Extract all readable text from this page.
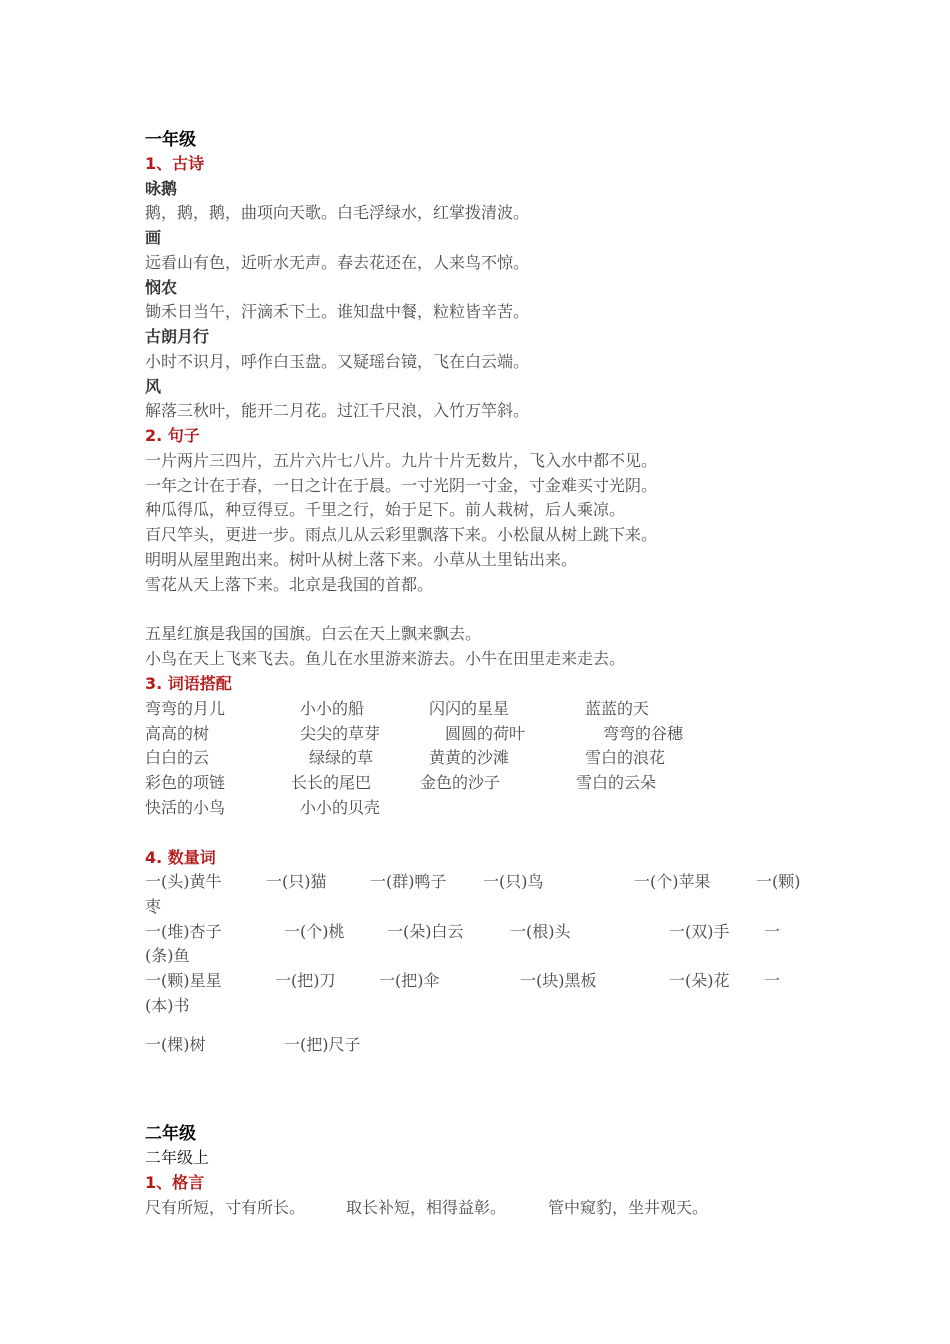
一年级

1、古诗

咏鹅

鹅，鹅，鹅，曲项向天歌。白毛浮绿水，红掌拨清波。

画

远看山有色，近听水无声。春去花还在，人来鸟不惊。

悯农

锄禾日当午，汗滴禾下土。谁知盘中餐，粒粒皆辛苦。

古朗月行

小时不识月，呼作白玉盘。又疑瑶台镜，飞在白云端。

风

解落三秋叶，能开二月花。过江千尺浪，入竹万竿斜。

2. 句子

一片两片三四片，五片六片七八片。九片十片无数片，飞入水中都不见。

一年之计在于春，一日之计在于晨。一寸光阴一寸金，寸金难买寸光阴。

种瓜得瓜，种豆得豆。千里之行，始于足下。前人栽树，后人乘凉。

百尺竿头，更进一步。雨点儿从云彩里飘落下来。小松鼠从树上跳下来。

明明从屋里跑出来。树叶从树上落下来。小草从土里钻出来。

雪花从天上落下来。北京是我国的首都。

五星红旗是我国的国旗。白云在天上飘来飘去。

小鸟在天上飞来飞去。鱼儿在水里游来游去。小牛在田里走来走去。

3. 词语搭配

弯弯的月儿	小小的船	闪闪的星星	蓝蓝的天
高高的树	尖尖的草芽	圆圆的荷叶	弯弯的谷穗
白白的云	绿绿的草	黄黄的沙滩	雪白的浪花
彩色的项链	长长的尾巴	金色的沙子	雪白的云朵
快活的小鸟	小小的贝壳

4. 数量词

一(头)黄牛	一(只)猫	一(群)鸭子 一(只)鸟	一(个)苹果	一(颗)
枣
一(堆)杏子	一(个)桃	一(朵)白云	一(根)头	一(双)手 一
(条)鱼
一(颗)星星	一(把)刀	一(把)伞	一(块)黑板	一(朵)花 一
(本)书
一(棵)树	一(把)尺子

二年级

二年级上

1、格言

尺有所短，寸有所长。	取长补短，相得益彰。	管中窥豹，坐井观天。
